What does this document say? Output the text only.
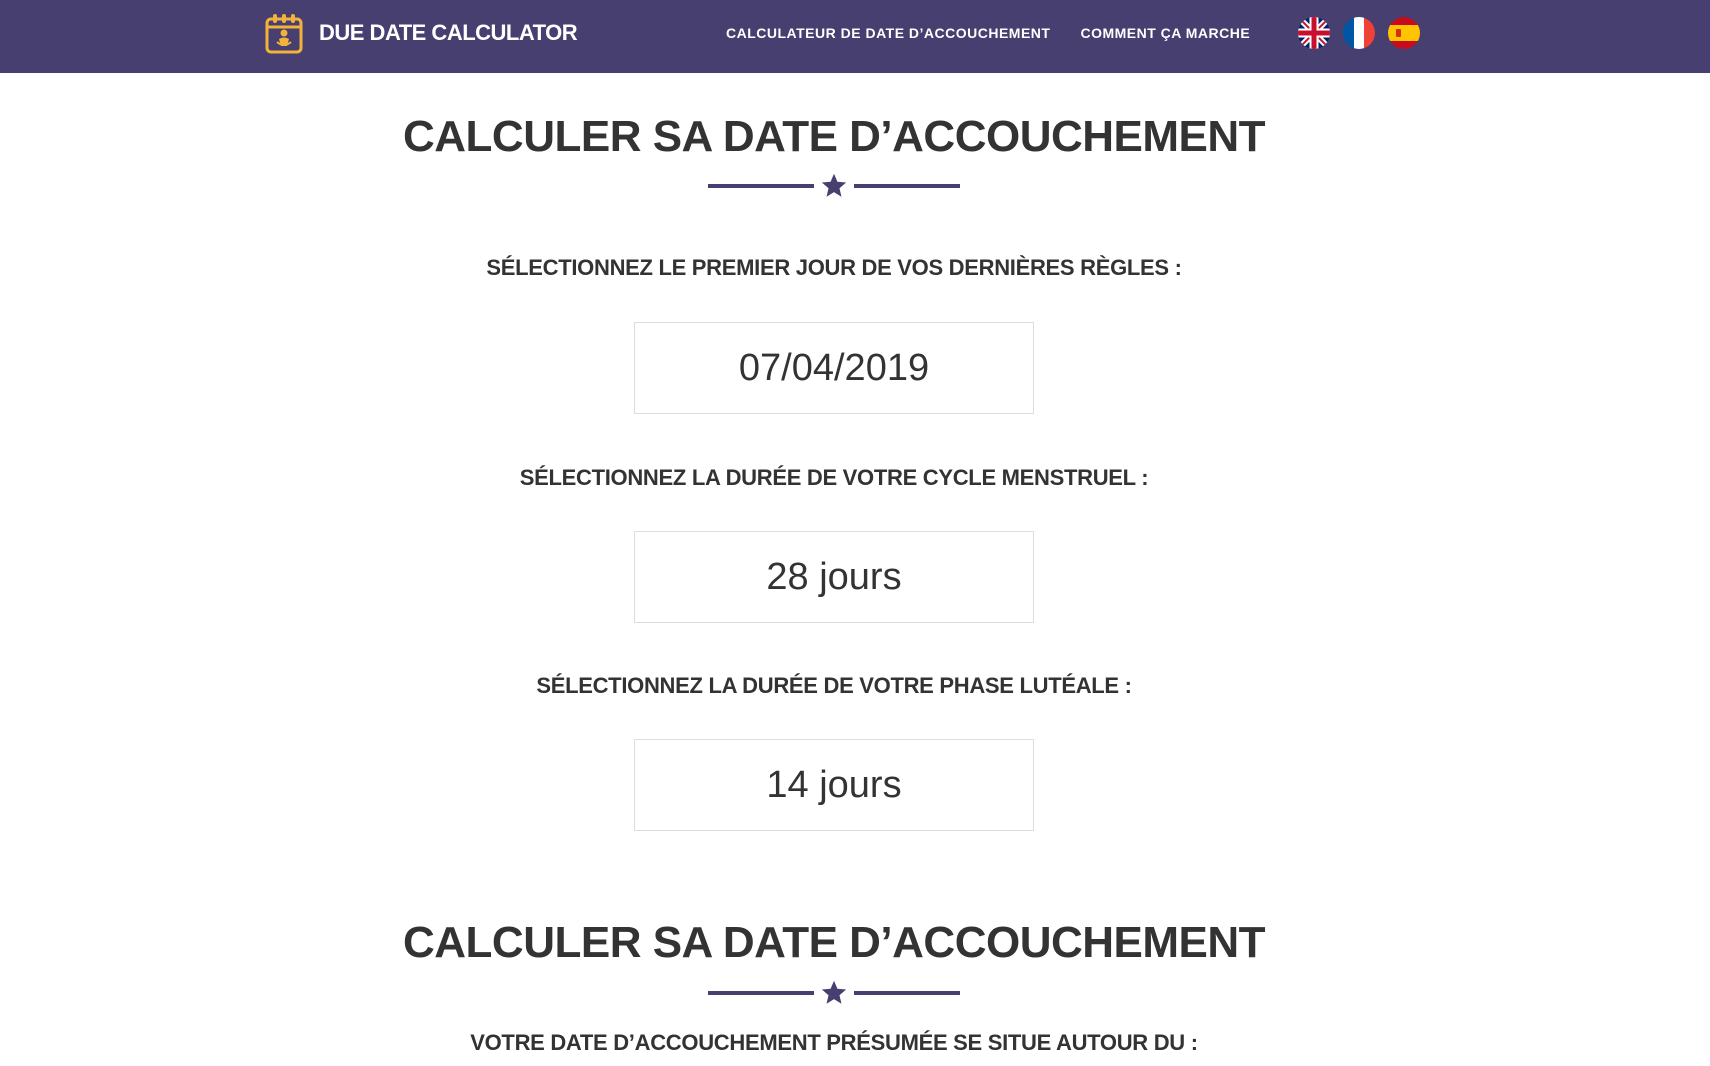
DUE DATE CALCULATOR	CALCULATEUR DE DATE D’ACCOUCHEMENT COMMENT ÇA MARCHE
CALCULER SA DATE D’ACCOUCHEMENT
SÉLECTIONNEZ LE PREMIER JOUR DE VOS DERNIÈRES RÈGLES :
07/04/2019
SÉLECTIONNEZ LA DURÉE DE VOTRE CYCLE MENSTRUEL :
28 jours
SÉLECTIONNEZ LA DURÉE DE VOTRE PHASE LUTÉALE :
14 jours
CALCULER SA DATE D’ACCOUCHEMENT
VOTRE DATE D’ACCOUCHEMENT PRÉSUMÉE SE SITUE AUTOUR DU :
